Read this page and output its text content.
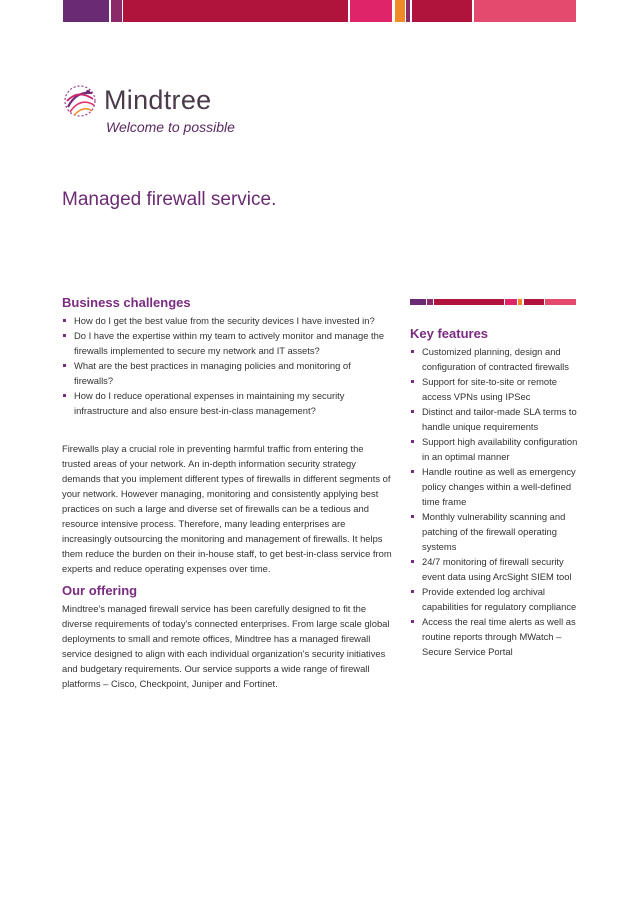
Mindtree
Welcome to possible
Managed firewall service.
Business challenges
How do I get the best value from the security devices I have invested in?
Do I have the expertise within my team to actively monitor and manage the firewalls implemented to secure my network and IT assets?
What are the best practices in managing policies and monitoring of firewalls?
How do I reduce operational expenses in maintaining my security infrastructure and also ensure best-in-class management?

Firewalls play a crucial role in preventing harmful traffic from entering the trusted areas of your network. An in-depth information security strategy demands that you implement different types of firewalls in different segments of your network. However managing, monitoring and consistently applying best practices on such a large and diverse set of firewalls can be a tedious and resource intensive process. Therefore, many leading enterprises are increasingly outsourcing the monitoring and management of firewalls. It helps them reduce the burden on their in-house staff, to get best-in-class service from experts and reduce operating expenses over time.

Our offering

Mindtree's managed firewall service has been carefully designed to fit the diverse requirements of today's connected enterprises. From large scale global deployments to small and remote offices, Mindtree has a managed firewall service designed to align with each individual organization's security initiatives and budgetary requirements. Our service supports a wide range of firewall platforms – Cisco, Checkpoint, Juniper and Fortinet.

Key features
Customized planning, design and configuration of contracted firewalls
Support for site-to-site or remote access VPNs using IPSec
Distinct and tailor-made SLA terms to handle unique requirements
Support high availability configuration in an optimal manner
Handle routine as well as emergency policy changes within a well-defined time frame
Monthly vulnerability scanning and patching of the firewall operating systems
24/7 monitoring of firewall security event data using ArcSight SIEM tool
Provide extended log archival capabilities for regulatory compliance
Access the real time alerts as well as routine reports through MWatch – Secure Service Portal
